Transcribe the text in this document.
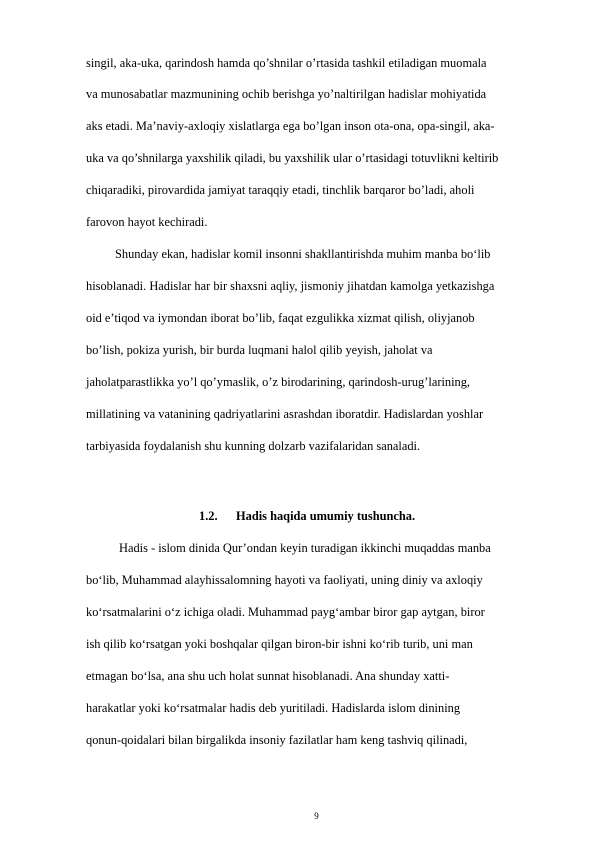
singil, aka-uka, qarindosh hamda qo’shnilar o’rtasida tashkil etiladigan muomala
va munosabatlar mazmunining ochib berishga yo’naltirilgan hadislar mohiyatida
aks etadi. Ma’naviy-axloqiy xislatlarga ega bo’lgan inson ota-ona, opa-singil, aka-
uka va qo’shnilarga yaxshilik qiladi, bu yaxshilik ular o’rtasidagi totuvlikni keltirib
chiqaradiki, pirovardida jamiyat taraqqiy etadi, tinchlik barqaror bo’ladi, aholi
farovon hayot kechiradi.
Shunday ekan, hadislar komil insonni shakllantirishda muhim manba bo‘lib
hisoblanadi. Hadislar har bir shaxsni aqliy, jismoniy jihatdan kamolga yetkazishga
oid e’tiqod va iymondan iborat bo’lib, faqat ezgulikka xizmat qilish, oliyjanob
bo’lish, pokiza yurish, bir burda luqmani halol qilib yeyish, jaholat va
jaholatparastlikka yo’l qo’ymaslik, o’z birodarining, qarindosh-urug’larining,
millatining va vatanining qadriyatlarini asrashdan iboratdir. Hadislardan yoshlar
tarbiyasida foydalanish shu kunning dolzarb vazifalaridan sanaladi.
1.2. Hadis haqida umumiy tushuncha.
Hadis - islom dinida Qur’ondan keyin turadigan ikkinchi muqaddas manba
bo‘lib, Muhammad alayhissalomning hayoti va faoliyati, uning diniy va axloqiy
ko‘rsatmalarini o‘z ichiga oladi. Muhammad payg‘ambar biror gap aytgan, biror
ish qilib ko‘rsatgan yoki boshqalar qilgan biron-bir ishni ko‘rib turib, uni man
etmagan bo‘lsa, ana shu uch holat sunnat hisoblanadi. Ana shunday xatti-
harakatlar yoki ko‘rsatmalar hadis deb yuritiladi. Hadislarda islom dinining
qonun-qoidalari bilan birgalikda insoniy fazilatlar ham keng tashviq qilinadi,
9
